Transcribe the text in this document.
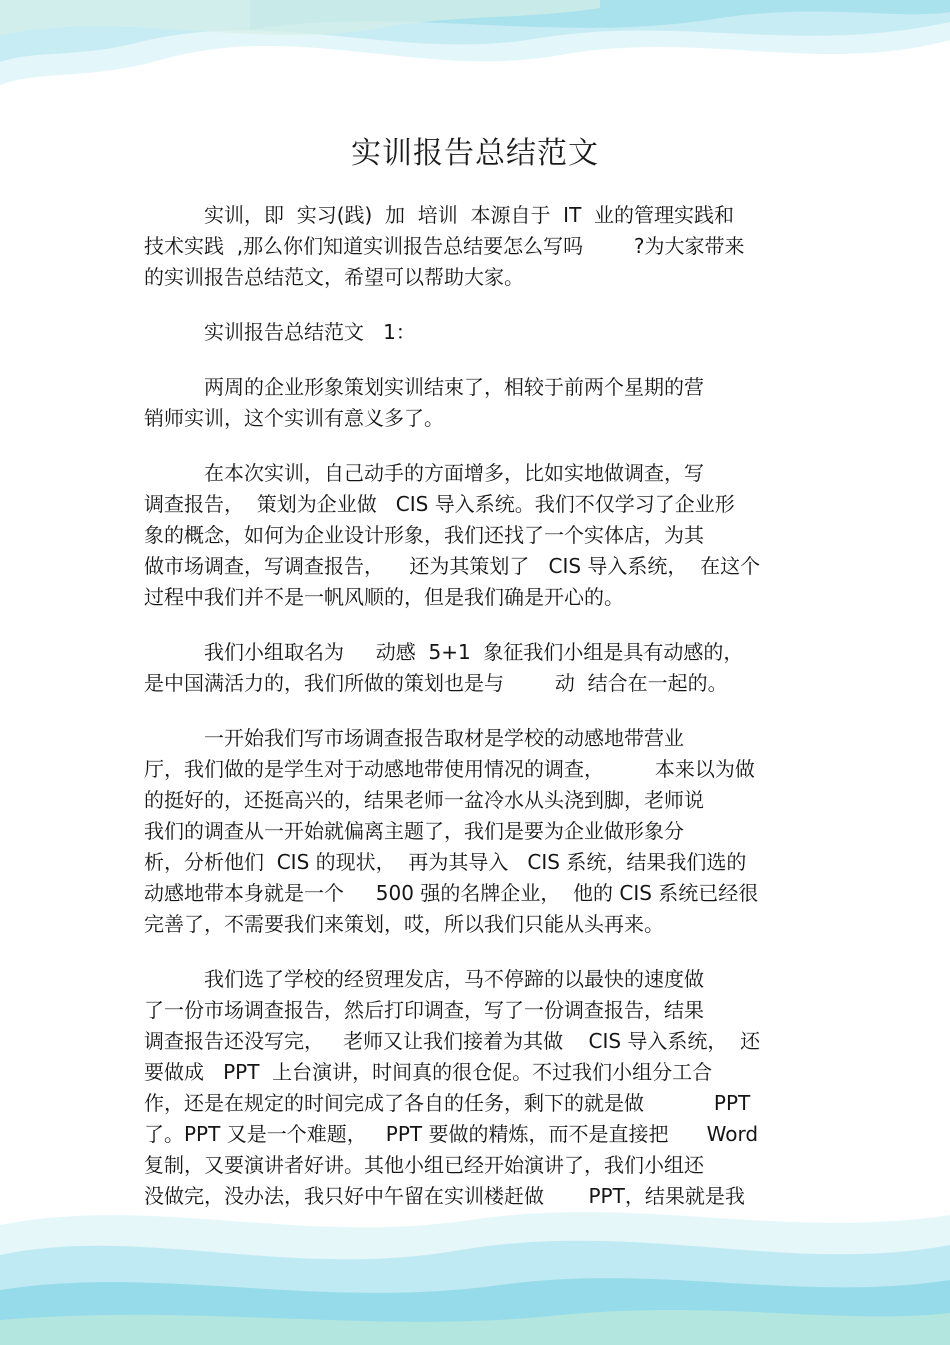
实训报告总结范文
实训，即  实习(践)  加  培训  本源自于  IT  业的管理实践和
技术实践  ,那么你们知道实训报告总结要怎么写吗        ?为大家带来
的实训报告总结范文，希望可以帮助大家。
实训报告总结范文   1：
两周的企业形象策划实训结束了，相较于前两个星期的营
销师实训，这个实训有意义多了。
在本次实训，自己动手的方面增多，比如实地做调查，写
调查报告，  策划为企业做   CIS 导入系统。我们不仅学习了企业形
象的概念，如何为企业设计形象，我们还找了一个实体店，为其
做市场调查，写调查报告，    还为其策划了   CIS 导入系统，  在这个
过程中我们并不是一帆风顺的，但是我们确是开心的。
我们小组取名为     动感  5+1  象征我们小组是具有动感的，
是中国满活力的，我们所做的策划也是与        动  结合在一起的。
一开始我们写市场调查报告取材是学校的动感地带营业
厅，我们做的是学生对于动感地带使用情况的调查，        本来以为做
的挺好的，还挺高兴的，结果老师一盆冷水从头浇到脚，老师说
我们的调查从一开始就偏离主题了，我们是要为企业做形象分
析，分析他们  CIS 的现状，  再为其导入   CIS 系统，结果我们选的
动感地带本身就是一个     500 强的名牌企业，  他的 CIS 系统已经很
完善了，不需要我们来策划，哎，所以我们只能从头再来。
我们选了学校的经贸理发店，马不停蹄的以最快的速度做
了一份市场调查报告，然后打印调查，写了一份调查报告，结果
调查报告还没写完，   老师又让我们接着为其做    CIS 导入系统，  还
要做成   PPT  上台演讲，时间真的很仓促。不过我们小组分工合
作，还是在规定的时间完成了各自的任务，剩下的就是做           PPT
了。PPT 又是一个难题，   PPT 要做的精炼，而不是直接把      Word
复制，又要演讲者好讲。其他小组已经开始演讲了，我们小组还
没做完，没办法，我只好中午留在实训楼赶做       PPT，结果就是我
